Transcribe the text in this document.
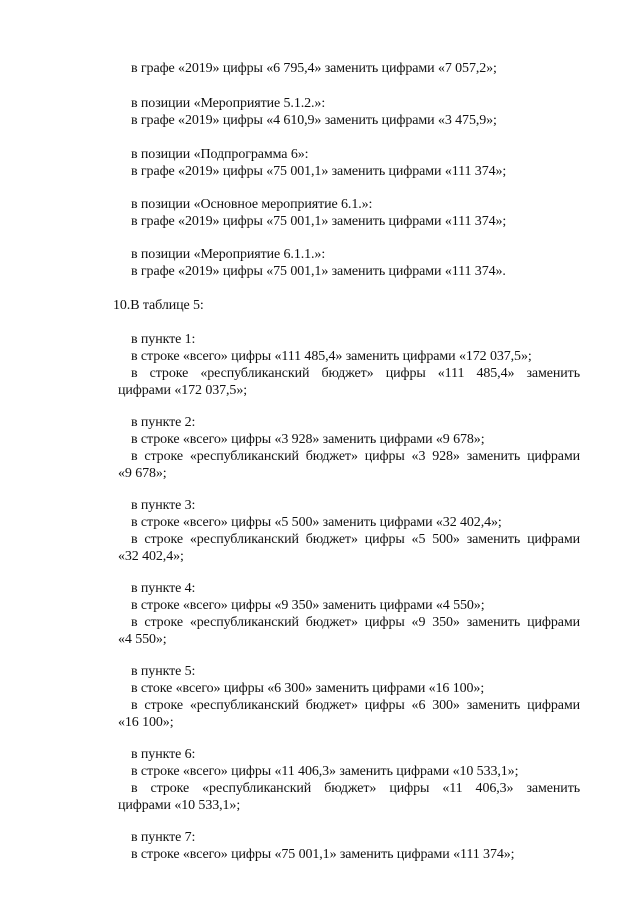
в графе «2019» цифры «6 795,4» заменить цифрами «7 057,2»;
в позиции «Мероприятие 5.1.2.»:
в графе «2019» цифры «4 610,9» заменить цифрами «3 475,9»;
в позиции «Подпрограмма 6»:
в графе «2019» цифры «75 001,1» заменить цифрами «111 374»;
в позиции «Основное мероприятие 6.1.»:
в графе «2019» цифры «75 001,1» заменить цифрами «111 374»;
в позиции «Мероприятие 6.1.1.»:
в графе «2019» цифры «75 001,1» заменить цифрами «111 374».
10.В таблице 5:
в пункте 1:
в строке «всего» цифры «111 485,4» заменить цифрами «172 037,5»;
в строке «республиканский бюджет» цифры «111 485,4» заменить
цифрами «172 037,5»;
в пункте 2:
в строке «всего» цифры «3 928» заменить цифрами «9 678»;
в строке «республиканский бюджет» цифры «3 928» заменить цифрами
«9 678»;
в пункте 3:
в строке «всего» цифры «5 500» заменить цифрами «32 402,4»;
в строке «республиканский бюджет» цифры «5 500» заменить цифрами
«32 402,4»;
в пункте 4:
в строке «всего» цифры «9 350» заменить цифрами «4 550»;
в строке «республиканский бюджет» цифры «9 350» заменить цифрами
«4 550»;
в пункте 5:
в стоке «всего» цифры «6 300» заменить цифрами «16 100»;
в строке «республиканский бюджет» цифры «6 300» заменить цифрами
«16 100»;
в пункте 6:
в строке «всего» цифры «11 406,3» заменить цифрами «10 533,1»;
в строке «республиканский бюджет» цифры «11 406,3» заменить
цифрами «10 533,1»;
в пункте 7:
в строке «всего» цифры «75 001,1» заменить цифрами «111 374»;
